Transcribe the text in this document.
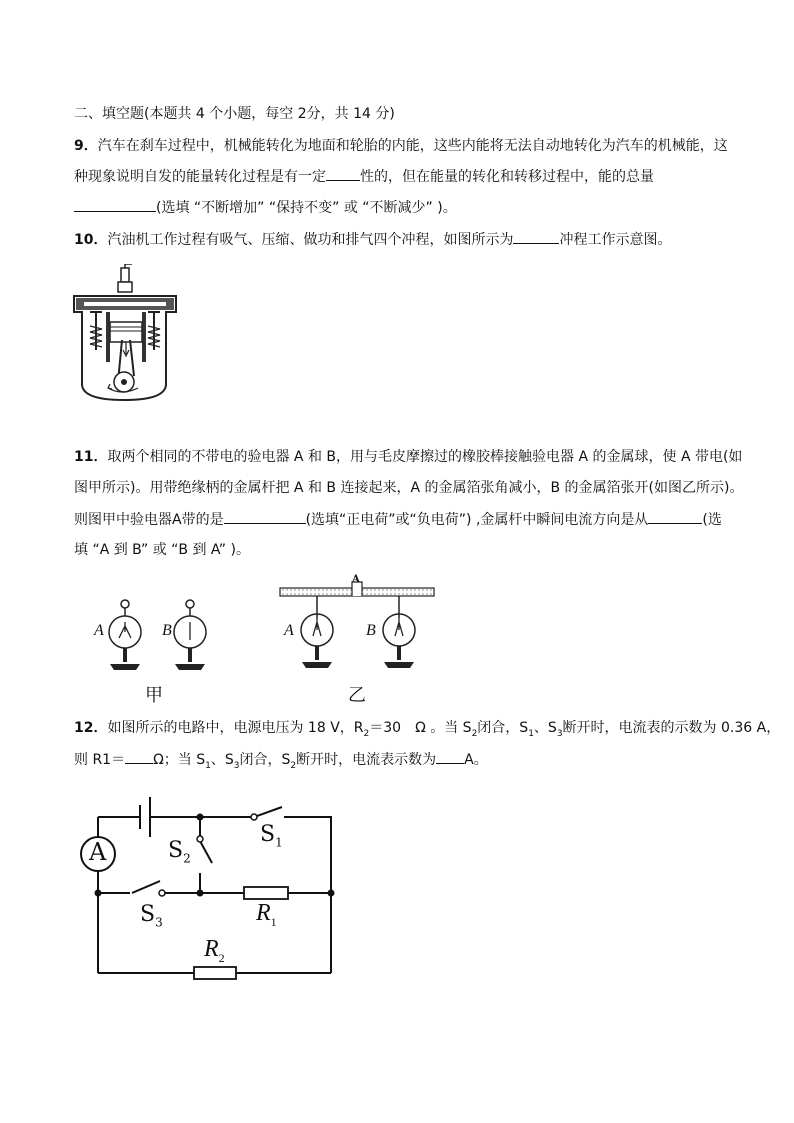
二、填空题(本题共 4 个小题，每空 2分，共 14 分)
9．汽车在刹车过程中，机械能转化为地面和轮胎的内能，这些内能将无法自动地转化为汽车的机械能，这
种现象说明自发的能量转化过程是有一定 性的，但在能量的转化和转移过程中，能的总量
(选填 “不断增加” “保持不变” 或 “不断减少” )。
10．汽油机工作过程有吸气、压缩、做功和排气四个冲程，如图所示为	冲程工作示意图。
11．取两个相同的不带电的验电器 A 和 B，用与毛皮摩擦过的橡胶棒接触验电器 A 的金属球，使 A 带电(如
图甲所示)。用带绝缘柄的金属杆把 A 和 B 连接起来，A 的金属箔张角减小，B 的金属箔张开(如图乙所示)。
则图甲中验电器A带的是	(选填“正电荷”或“负电荷”) ,金属杆中瞬间电流方向是从	(选
填 “A 到 B” 或 “B 到 A” )。
A	B
甲
A
A	B
乙
12．如图所示的电路中，电源电压为 18 V，$R_2=30$　Ω 。当 $S_2$闭合，$S_1$、$S_3$断开时，电流表的示数为 0.36 A，
则 R1＝ Ω；当 $S_1$、$S_3$闭合，$S_2$断开时，电流表示数为 A。
A
$S_1$
$S_2$
$S_3$	$R_1$
$R_2$
